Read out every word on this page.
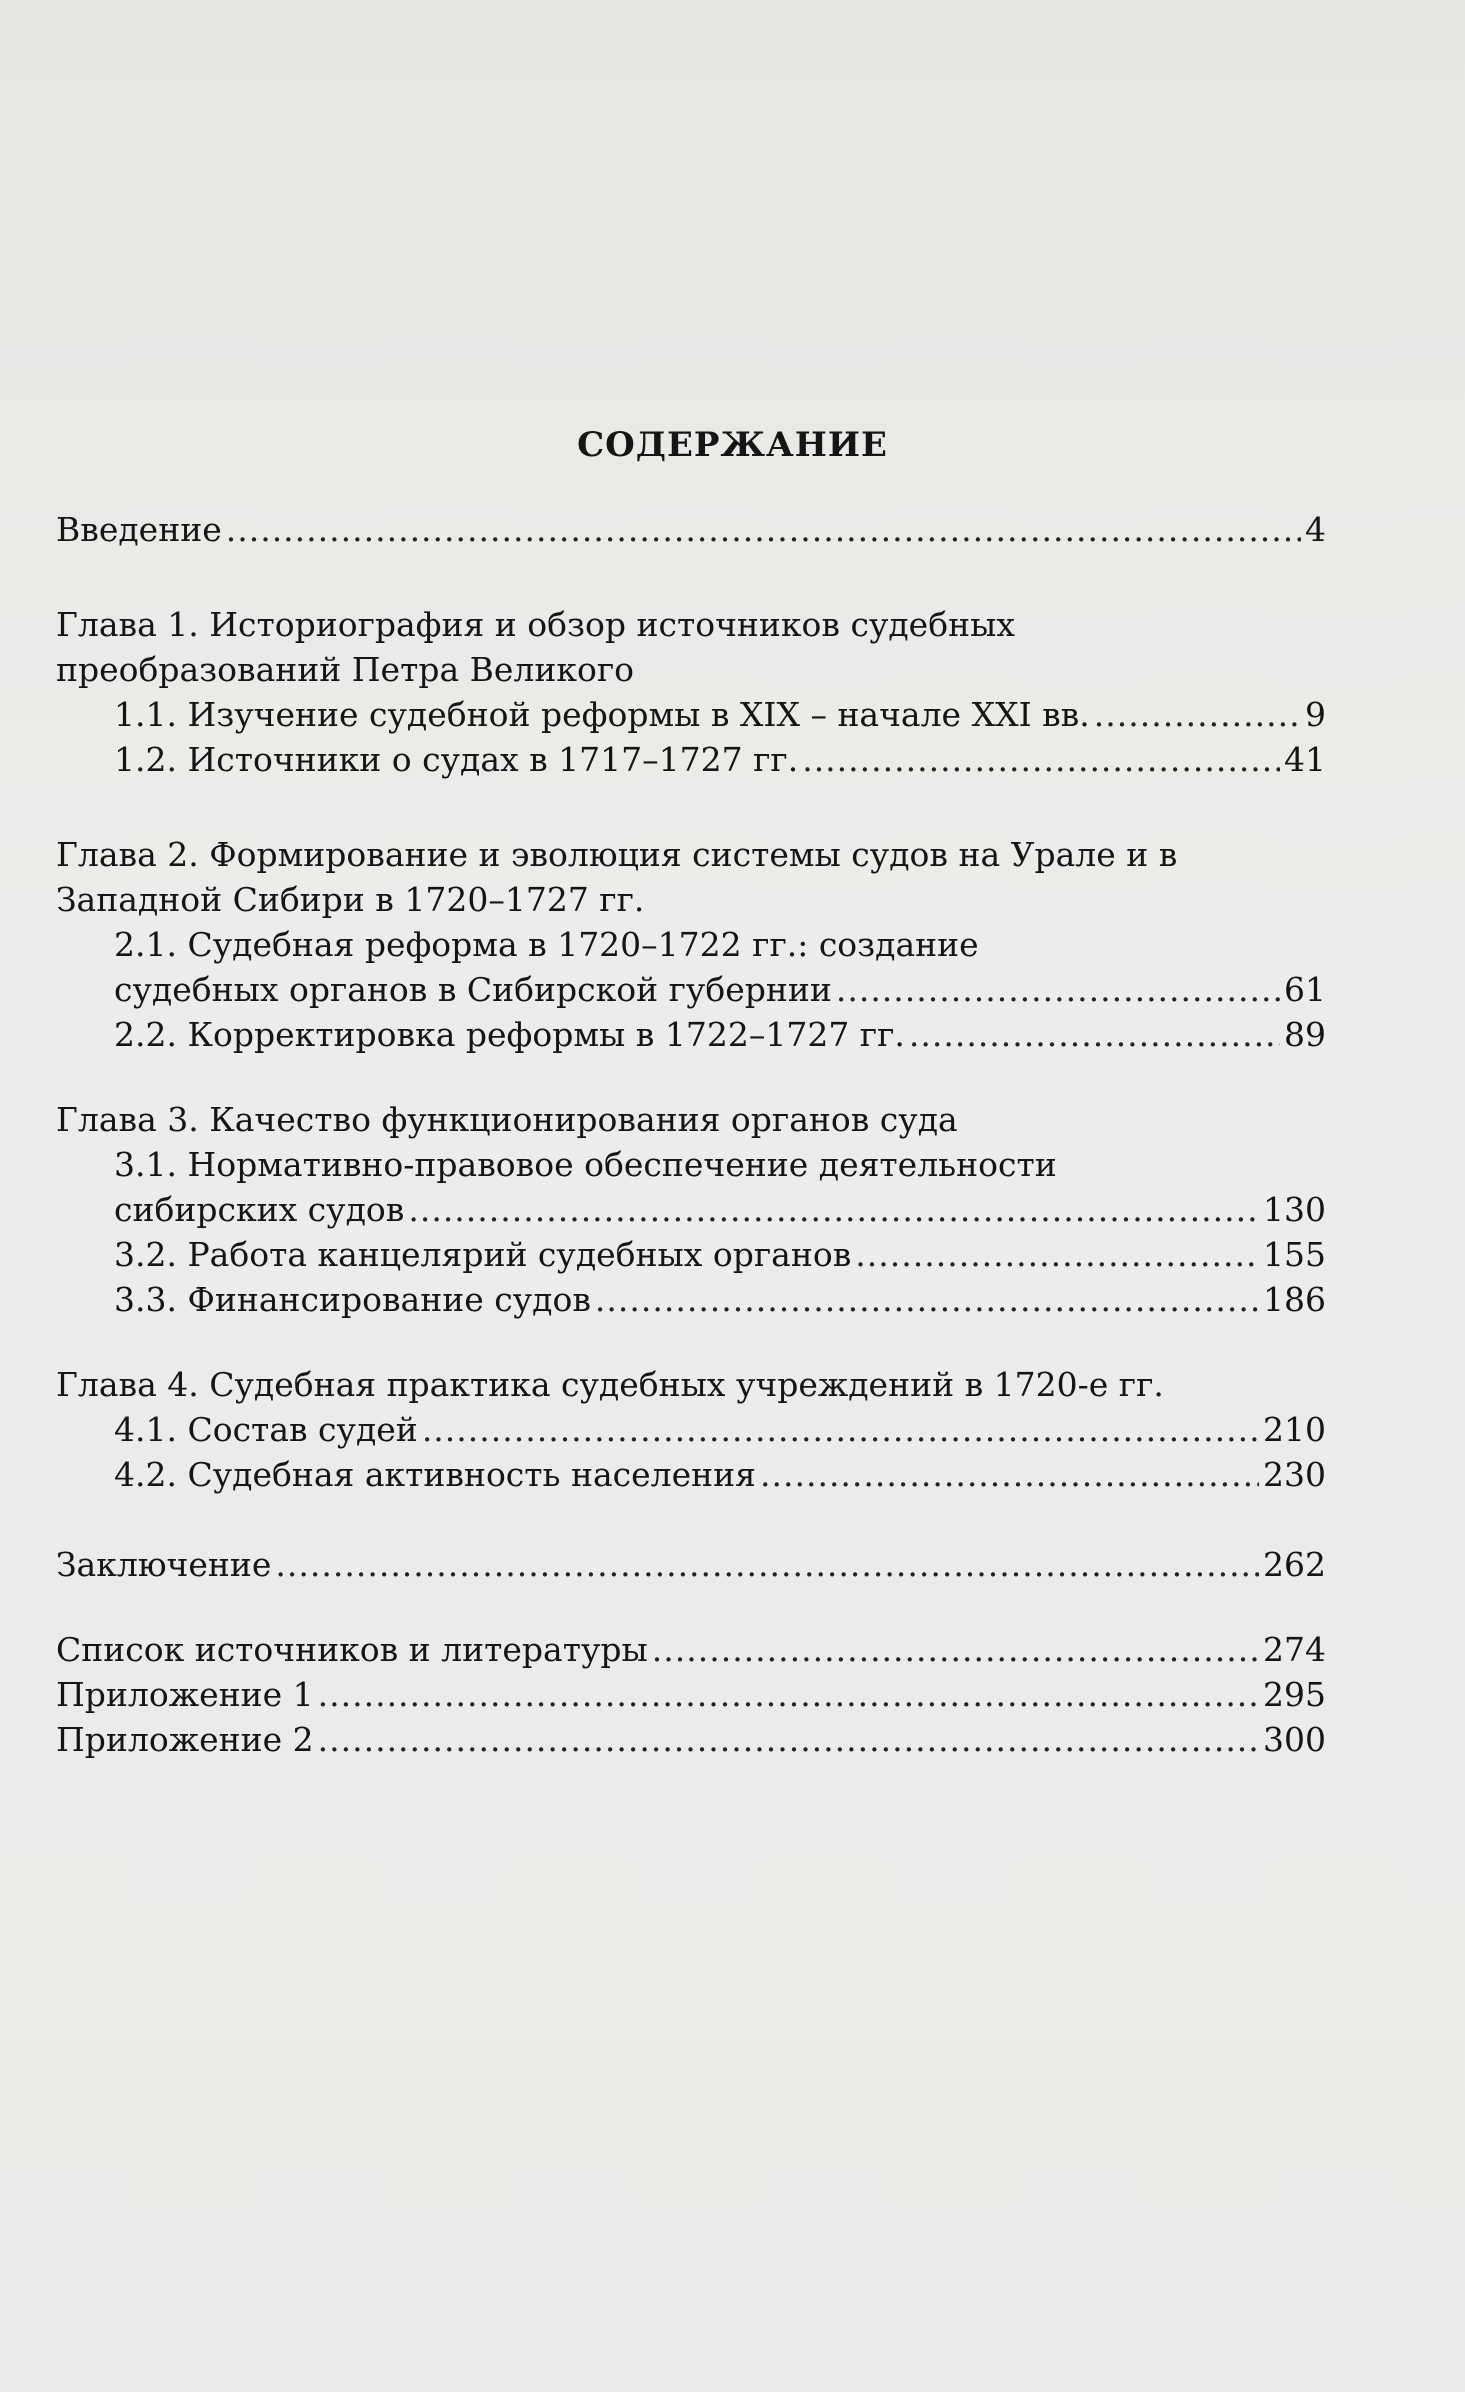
СОДЕРЖАНИЕ
Введение .....	4
Глава 1. Историография и обзор источников судебных
преобразований Петра Великого
1.1. Изучение судебной реформы в XIX – начале XXI вв. .....	9
1.2. Источники о судах в 1717–1727 гг. .....	41
Глава 2. Формирование и эволюция системы судов на Урале и в
Западной Сибири в 1720–1727 гг.
2.1. Судебная реформа в 1720–1722 гг.: создание
судебных органов в Сибирской губернии .....	61
2.2. Корректировка реформы в 1722–1727 гг. .....	89
Глава 3. Качество функционирования органов суда
3.1. Нормативно-правовое обеспечение деятельности
сибирских судов .....	130
3.2. Работа канцелярий судебных органов .....	155
3.3. Финансирование судов .....	186
Глава 4. Судебная практика судебных учреждений в 1720-е гг.
4.1. Состав судей .....	210
4.2. Судебная активность населения .....	230
Заключение .....	262
Список источников и литературы .....	274
Приложение 1 .....	295
Приложение 2 .....	300
